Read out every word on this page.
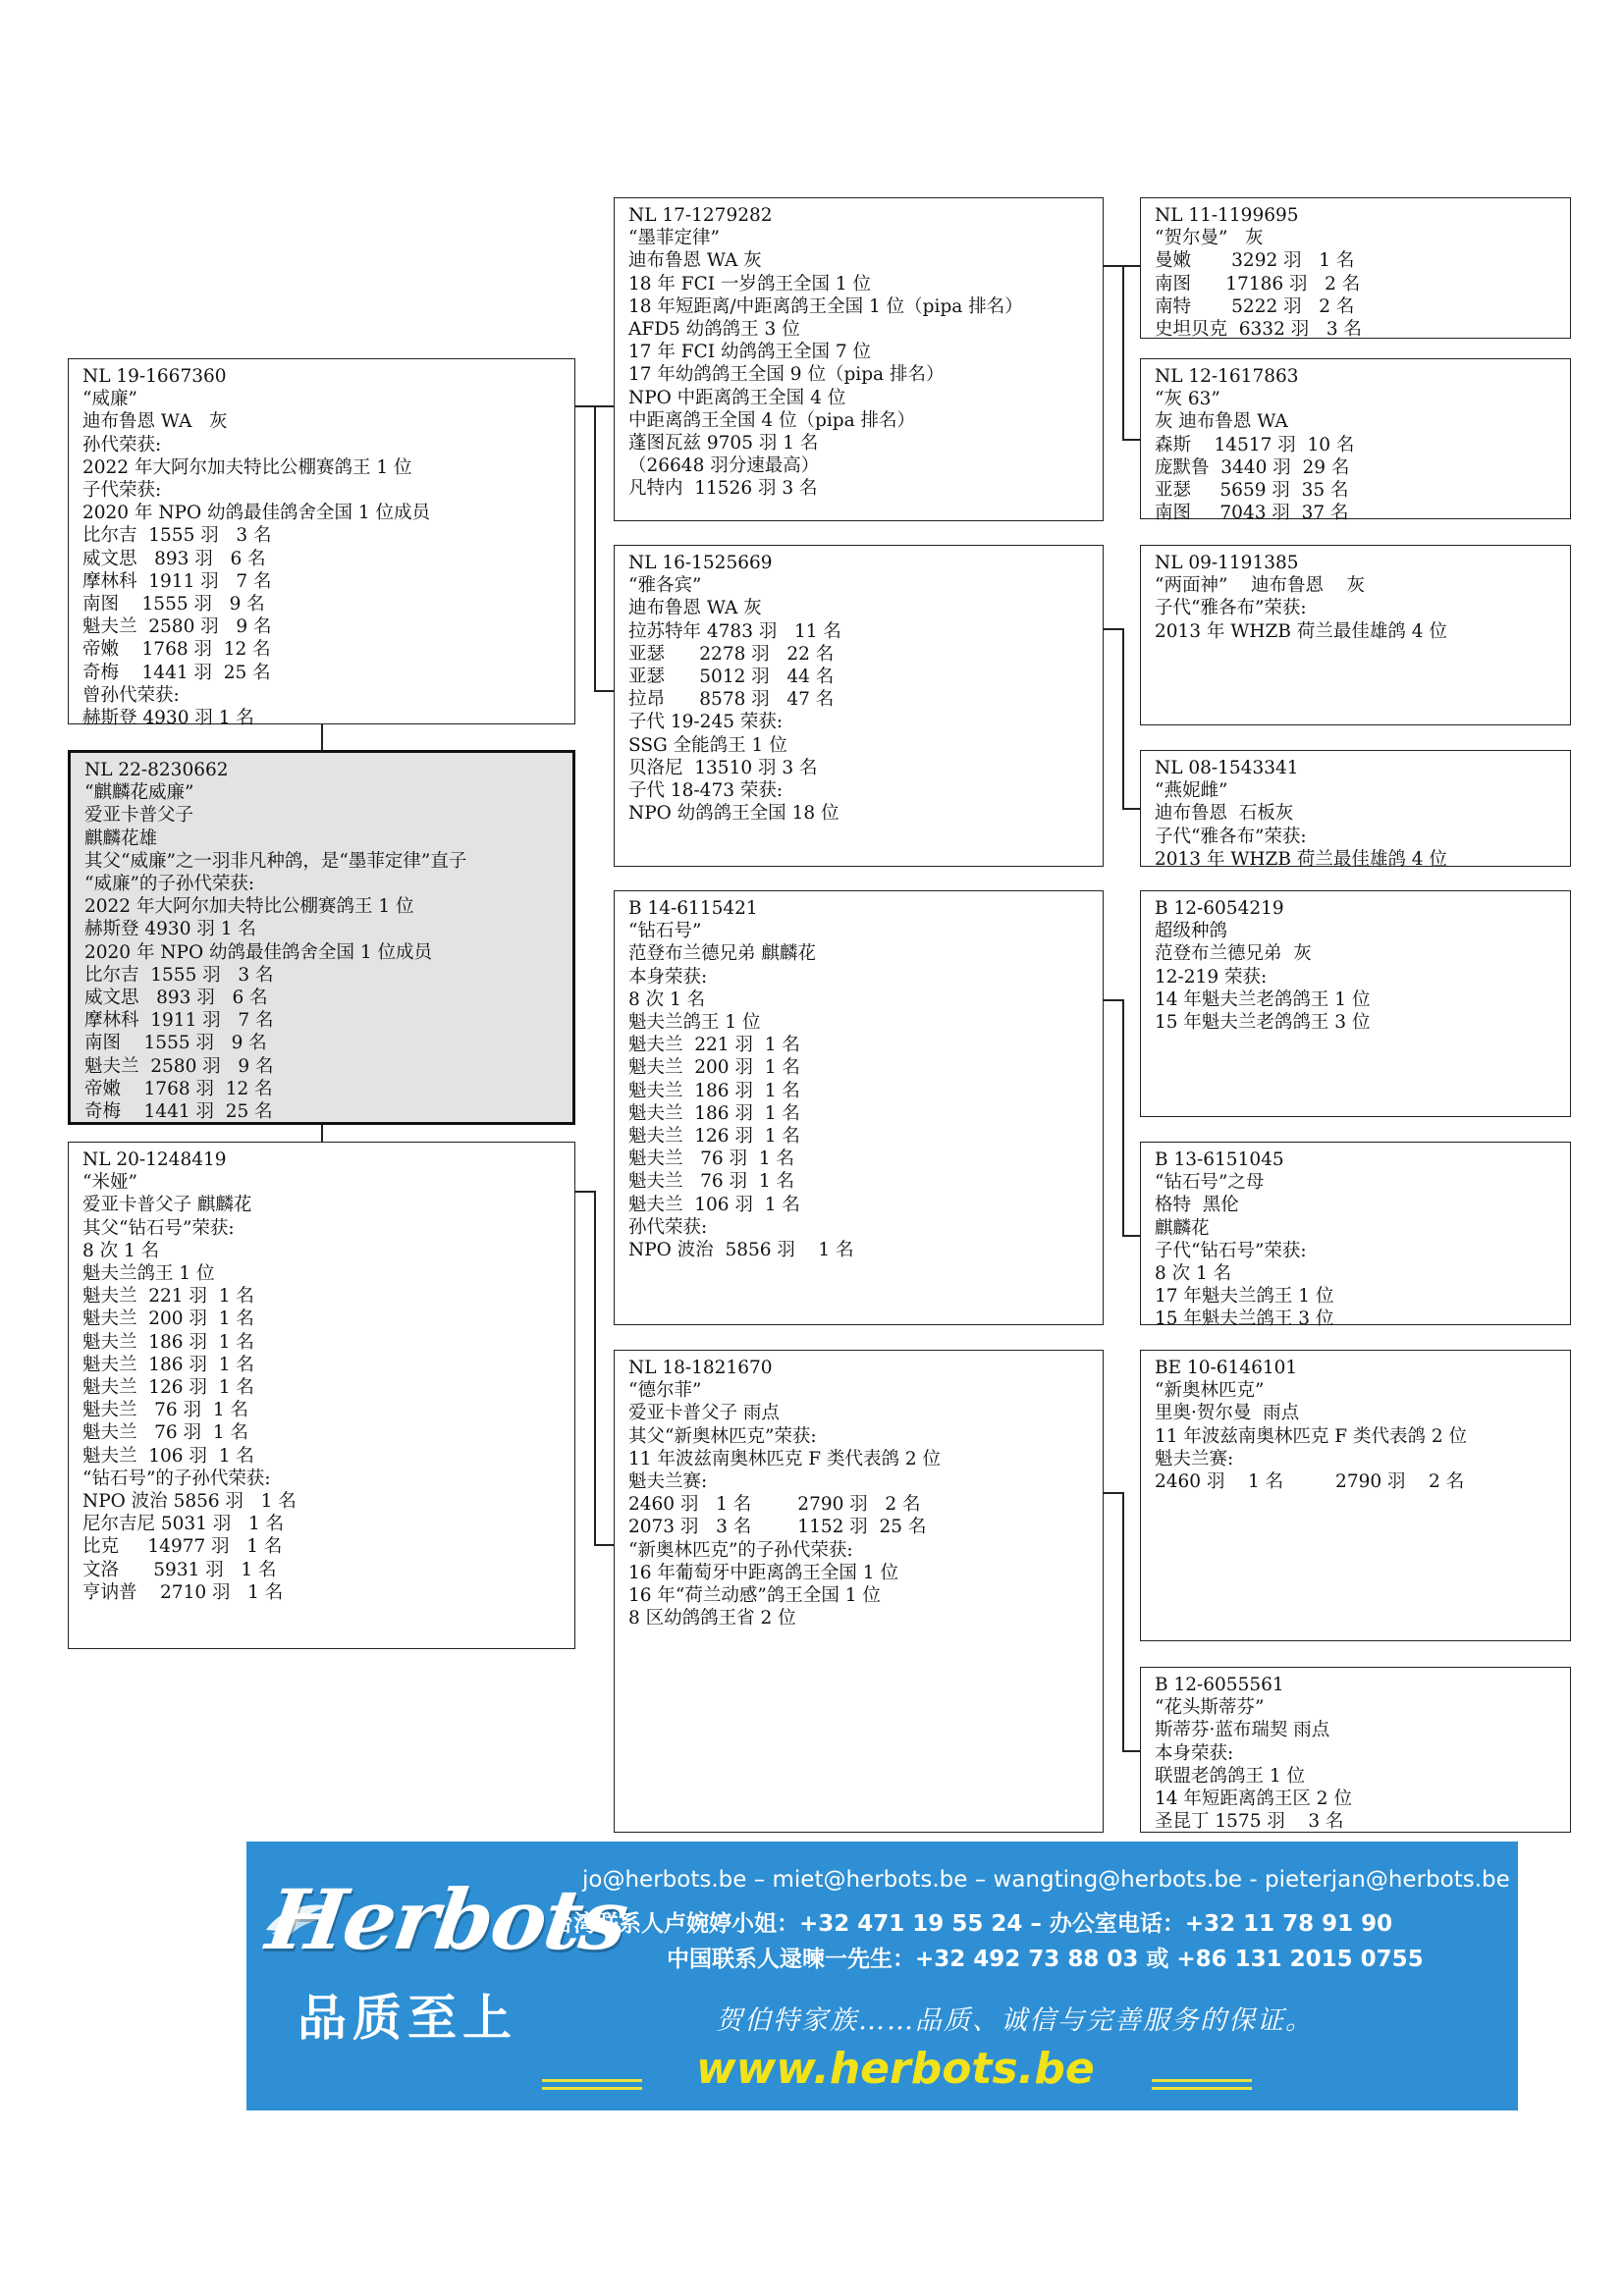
NL 19-1667360
“威廉”
迪布鲁恩 WA   灰
孙代荣获:
2022 年大阿尔加夫特比公棚赛鸽王 1 位
子代荣获:
2020 年 NPO 幼鸽最佳鸽舍全国 1 位成员
比尔吉  1555 羽   3 名
威文思   893 羽   6 名
摩林科  1911 羽   7 名
南图    1555 羽   9 名
魁夫兰  2580 羽   9 名
帝嫩    1768 羽  12 名
奇梅    1441 羽  25 名
曾孙代荣获:
赫斯登 4930 羽 1 名
NL 22-8230662
“麒麟花威廉”
爱亚卡普父子
麒麟花雄
其父“威廉”之一羽非凡种鸽，是“墨菲定律”直子
“威廉”的子孙代荣获:
2022 年大阿尔加夫特比公棚赛鸽王 1 位
赫斯登 4930 羽 1 名
2020 年 NPO 幼鸽最佳鸽舍全国 1 位成员
比尔吉  1555 羽   3 名
威文思   893 羽   6 名
摩林科  1911 羽   7 名
南图    1555 羽   9 名
魁夫兰  2580 羽   9 名
帝嫩    1768 羽  12 名
奇梅    1441 羽  25 名
NL 20-1248419
“米娅”
爱亚卡普父子 麒麟花
其父“钻石号”荣获:
8 次 1 名
魁夫兰鸽王 1 位
魁夫兰  221 羽  1 名
魁夫兰  200 羽  1 名
魁夫兰  186 羽  1 名
魁夫兰  186 羽  1 名
魁夫兰  126 羽  1 名
魁夫兰   76 羽  1 名
魁夫兰   76 羽  1 名
魁夫兰  106 羽  1 名
“钻石号”的子孙代荣获:
NPO 波治 5856 羽   1 名
尼尔吉尼 5031 羽   1 名
比克     14977 羽   1 名
文洛      5931 羽   1 名
亨讷普    2710 羽   1 名
NL 17-1279282
“墨菲定律”
迪布鲁恩 WA 灰
18 年 FCI 一岁鸽王全国 1 位
18 年短距离/中距离鸽王全国 1 位（pipa 排名）
AFD5 幼鸽鸽王 3 位
17 年 FCI 幼鸽鸽王全国 7 位
17 年幼鸽鸽王全国 9 位（pipa 排名）
NPO 中距离鸽王全国 4 位
中距离鸽王全国 4 位（pipa 排名）
蓬图瓦兹 9705 羽 1 名
（26648 羽分速最高）
凡特内  11526 羽 3 名
NL 16-1525669
“雅各宾”
迪布鲁恩 WA 灰
拉苏特年 4783 羽   11 名
亚瑟      2278 羽   22 名
亚瑟      5012 羽   44 名
拉昂      8578 羽   47 名
子代 19-245 荣获:
SSG 全能鸽王 1 位
贝洛尼  13510 羽 3 名
子代 18-473 荣获:
NPO 幼鸽鸽王全国 18 位
B 14-6115421
“钻石号”
范登布兰德兄弟 麒麟花
本身荣获:
8 次 1 名
魁夫兰鸽王 1 位
魁夫兰  221 羽  1 名
魁夫兰  200 羽  1 名
魁夫兰  186 羽  1 名
魁夫兰  186 羽  1 名
魁夫兰  126 羽  1 名
魁夫兰   76 羽  1 名
魁夫兰   76 羽  1 名
魁夫兰  106 羽  1 名
孙代荣获:
NPO 波治  5856 羽    1 名
NL 18-1821670
“德尔菲”
爱亚卡普父子 雨点
其父“新奥林匹克”荣获:
11 年波兹南奥林匹克 F 类代表鸽 2 位
魁夫兰赛:
2460 羽   1 名        2790 羽   2 名
2073 羽   3 名        1152 羽  25 名
“新奥林匹克”的子孙代荣获:
16 年葡萄牙中距离鸽王全国 1 位
16 年“荷兰动感”鸽王全国 1 位
8 区幼鸽鸽王省 2 位
NL 11-1199695
“贺尔曼”   灰
曼嫩       3292 羽   1 名
南图      17186 羽   2 名
南特       5222 羽   2 名
史坦贝克  6332 羽   3 名
NL 12-1617863
“灰 63”
灰 迪布鲁恩 WA
森斯    14517 羽  10 名
庞默鲁  3440 羽  29 名
亚瑟     5659 羽  35 名
南图     7043 羽  37 名
NL 09-1191385
“两面神”    迪布鲁恩    灰
子代“雅各布”荣获:
2013 年 WHZB 荷兰最佳雄鸽 4 位
NL 08-1543341
“燕妮雌”
迪布鲁恩  石板灰
子代“雅各布”荣获:
2013 年 WHZB 荷兰最佳雄鸽 4 位
B 12-6054219
超级种鸽
范登布兰德兄弟  灰
12-219 荣获:
14 年魁夫兰老鸽鸽王 1 位
15 年魁夫兰老鸽鸽王 3 位
B 13-6151045
“钻石号”之母
格特  黑伦
麒麟花
子代“钻石号”荣获:
8 次 1 名
17 年魁夫兰鸽王 1 位
15 年魁夫兰鸽王 3 位
BE 10-6146101
“新奥林匹克”
里奥·贺尔曼  雨点
11 年波兹南奥林匹克 F 类代表鸽 2 位
魁夫兰赛:
2460 羽    1 名         2790 羽    2 名
B 12-6055561
“花头斯蒂芬”
斯蒂芬·蓝布瑞契 雨点
本身荣获:
联盟老鸽鸽王 1 位
14 年短距离鸽王区 2 位
圣昆丁 1575 羽    3 名
Herbots
品质至上
jo@herbots.be – miet@herbots.be – wangting@herbots.be - pieterjan@herbots.be
台湾联系人卢婉婷小姐：+32 471 19 55 24 – 办公室电话：+32 11 78 91 90
中国联系人逯暕一先生：+32 492 73 88 03 或 +86 131 2015 0755
贺伯特家族……品质、诚信与完善服务的保证。
www.herbots.be
